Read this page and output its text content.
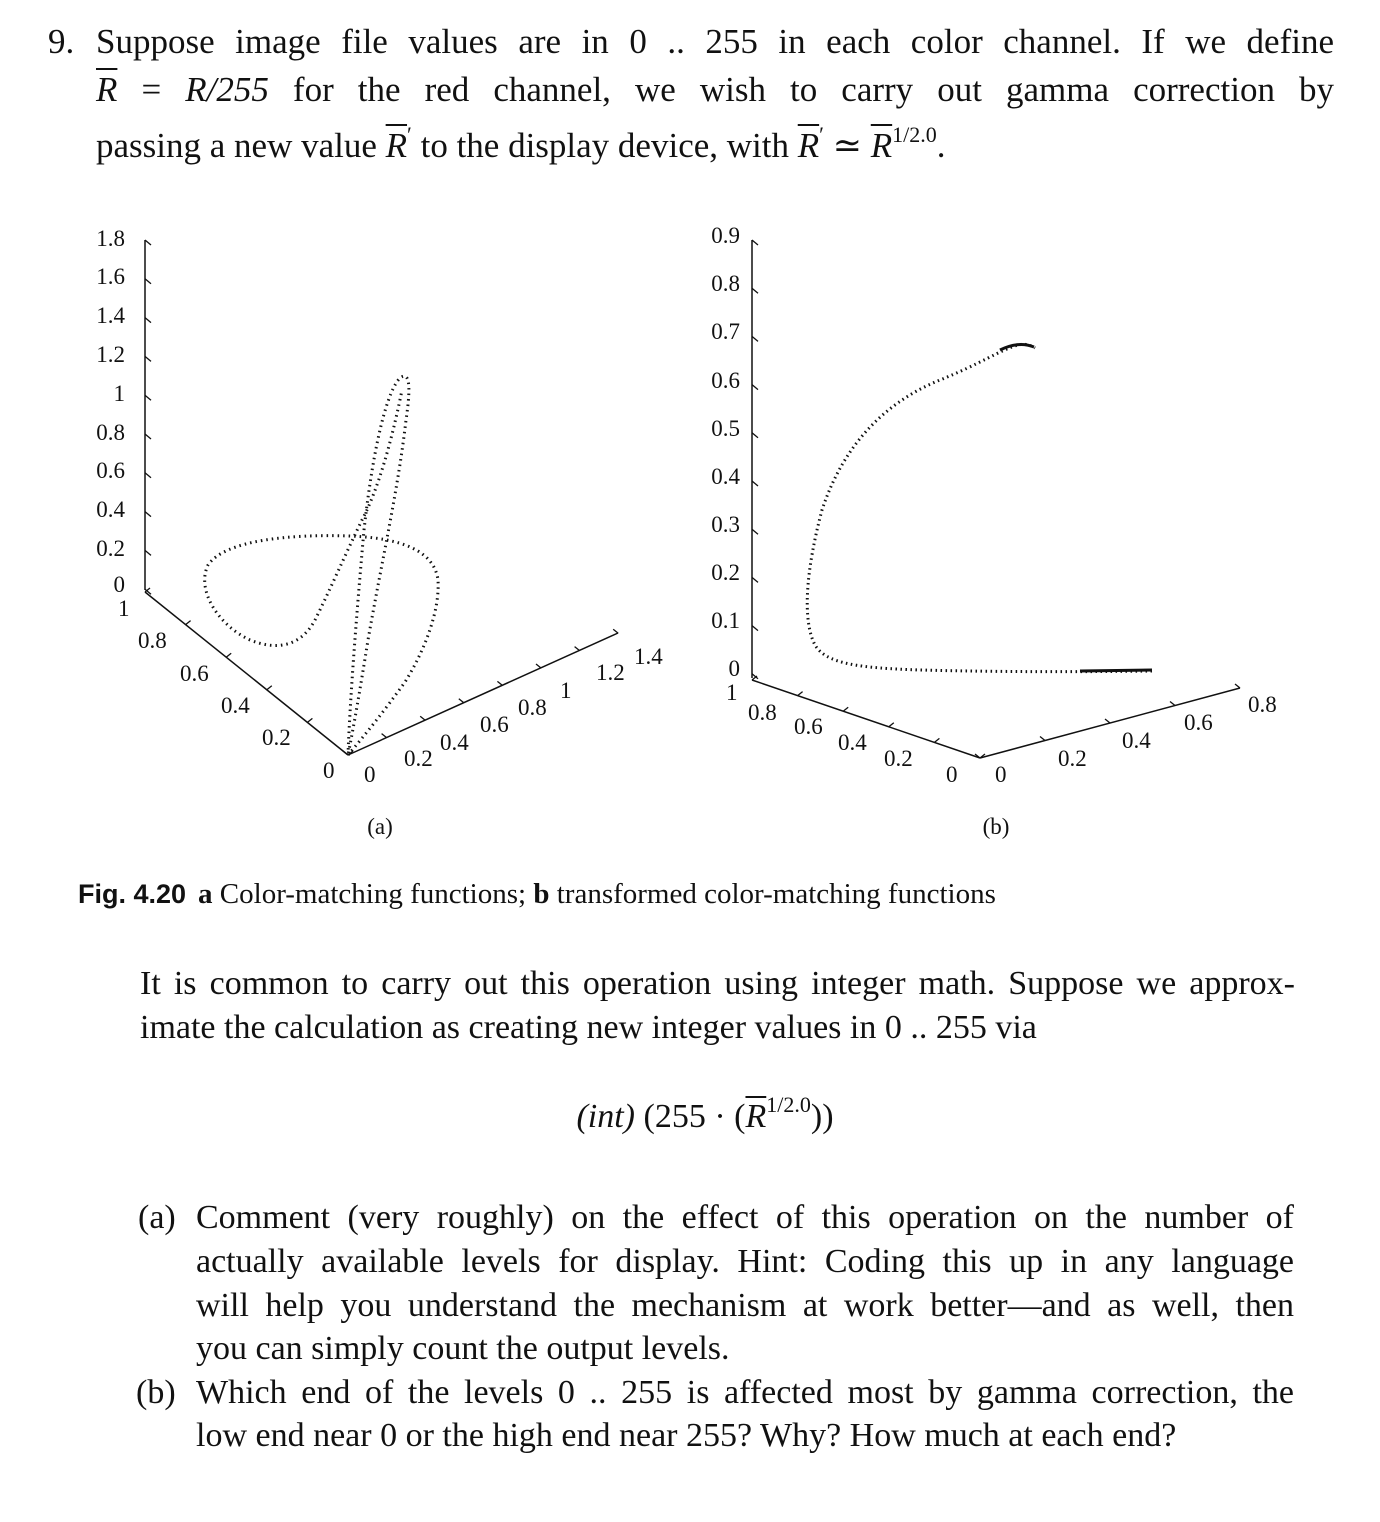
9. Suppose image file values are in 0 .. 255 in each color channel. If we define

$\overline{R} = R/255$ for the red channel, we wish to carry out gamma correction by

passing a new value $\overline{R}'$ to the display device, with $\overline{R}'$ ≃ $\overline{R}^{1/2.0}$.

1.8
1.6
1.4
1.2
1
0.8
0.6
0.4
0.2
0
1
0.8
0.6
0.4
0.2
0 0
0.2
0.4
0.6
0.8
1
1.2
1.4
(a)
0.9
0.8
0.7
0.6
0.5
0.4
0.3
0.2
0.1
0
1
0.8
0.6
0.4
0.2
0 0
0.2
0.4
0.6
0.8
(b)
Fig. 4.20 a Color-matching functions; b transformed color-matching functions

It is common to carry out this operation using integer math. Suppose we approx-

imate the calculation as creating new integer values in 0 .. 255 via

(int) $(255 \cdot (\overline{R}^{1/2.0}))$
(a) Comment (very roughly) on the effect of this operation on the number of

actually available levels for display. Hint: Coding this up in any language

will help you understand the mechanism at work better—and as well, then

you can simply count the output levels.

(b) Which end of the levels 0 .. 255 is affected most by gamma correction, the

low end near 0 or the high end near 255? Why? How much at each end?
